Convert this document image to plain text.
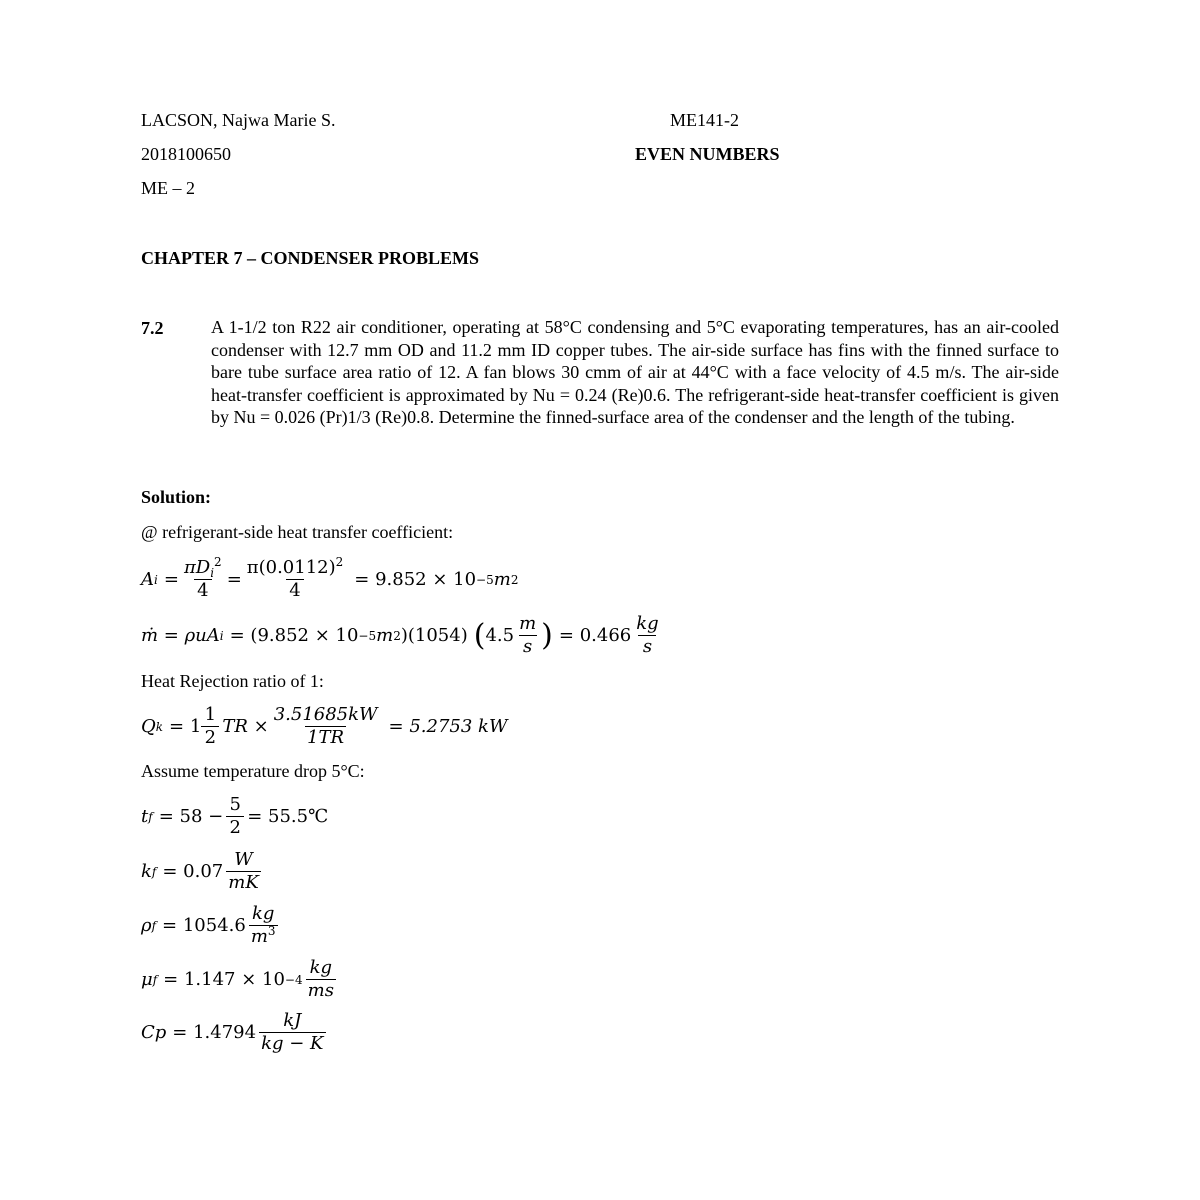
LACSON, Najwa Marie S.
2018100650
ME – 2
ME141-2
EVEN NUMBERS
CHAPTER 7 – CONDENSER PROBLEMS
7.2	A 1-1/2 ton R22 air conditioner, operating at 58°C condensing and 5°C evaporating temperatures, has an air-cooled condenser with 12.7 mm OD and 11.2 mm ID copper tubes. The air-side surface has fins with the finned surface to bare tube surface area ratio of 12. A fan blows 30 cmm of air at 44°C with a face velocity of 4.5 m/s. The air-side heat-transfer coefficient is approximated by Nu = 0.24 (Re)0.6. The refrigerant-side heat-transfer coefficient is given by Nu = 0.026 (Pr)1/3 (Re)0.8. Determine the finned-surface area of the condenser and the length of the tubing.
Solution:
@ refrigerant-side heat transfer coefficient:
A $i = \frac{\pi D_i^2}{4} = \frac{\pi(0.0112)^2}{4} = 9.852 \times 10 -5$ m 2
ṁ = ρuA i = (9.852 × 10 −5 m 2 )(1054) ( $4.5 \frac{m}{s}$ ) = $0.466 \frac{kg}{s}$
Heat Rejection ratio of 1:
Q $k = 1 \frac{1}{2}$ TR × $\frac{3.51685kW}{1TR} = 5.2753$ kW
Assume temperature drop 5°C:
t $f = 58 - \frac{5}{2}$ = 55.5℃
k $f = 0.07 \frac{W}{mK}$
ρ $f = 1054.6 \frac{kg}{m^3}$
μ $f = 1.147 \times 10 -4 \frac{kg}{ms}$
$Cp = 1.4794 \frac{kJ}{kg - K}$
